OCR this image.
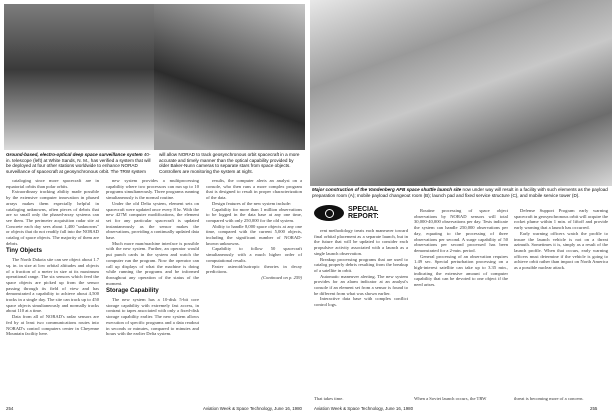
Ground-based, electro-optical deep space surveillance system 40-in. telescope (left) at White Sands, N. M., has verified a system that will be deployed at four other stations worldwide to enhance NORAD surveillance of spacecraft at geosynchronous orbit. The TRW system will allow NORAD to track geosynchronous orbit spacecraft in a more accurate and timely manner than the optical capability provided by older Baker-Nunn cameras to separate stars from space objects. Controllers are monitoring the system at night.

cataloging since more spacecraft are in equatorial orbits than polar orbits.

Extraordinary tracking ability made possible by the extensive computer innovation in phased arrays makes them especially helpful in cataloging unknowns, often pieces of debris that are so small only the phased-array systems can see them. The perimeter acquisition radar site at Concrete each day sees about 1,400 "unknowns" or objects that do not readily fall into the NORAD catalog of space objects. The majority of them are debris.

Tiny Objects

The North Dakota site can see object about 1.7 sq. in. in size at low orbital altitudes and objects of a fraction of a meter in size at its maximum operational range. The six sensors which feed the space objects are picked up from the sensor passing through its field of view and has demonstrated a capability to achieve about 4,500 tracks in a single day. The site can track up to 450 space objects simultaneously and normally tracks about 110 at a time.

Data from all of NORAD's radar sensors are fed by at least two communications routes into NORAD's control computers center in Cheyenne Mountain facility here.

new system provides a multiprocessing capability where two processors can run up to 10 programs simultaneously. Three programs running simultaneously is the normal routine.

Under the old Delta system, element sets on spacecraft were updated once every 8 hr. With the new 427M computer modifications, the element set for any particular spacecraft is updated instantaneously as the sensor makes the observations, providing a continually updated data base.

Much more man/machine interface is possible with the new system. Further, an operator would put punch cards in the system and watch the computer run the program. Now the operator can call up displays of what the machine is doing while running the programs and be informed throughout any operation of the status of the moment.

Storage Capability

The new system has a 10-disk 5-bit core storage capability with extremely fast access, in contrast to tapes associated with only a fixed-disk storage capability earlier. The new system allows execution of specific programs and a data readout in seconds or minutes, compared to minutes and hours with the earlier Delta system.

results, the computer alerts an analyst on a console, who then runs a more complex program that is designed to result in proper characterization of the data.

Design features of the new system include:

Capability for more than 1 million observations to be logged in the data base at any one time, compared with only 250,000 for the old system.

Ability to handle 8,000 space objects at any one time, compared with the current 5,000 objects, including the significant number of NORAD-known unknowns.

Capability to follow 50 spacecraft simultaneously with a much higher order of computational results.

Faster asteroid/isotropic theories in decay predictions.

(Continued on p. 259)

254	Aviation Week & Space Technology, June 16, 1980
Major construction of the Vandenberg AFB space shuttle launch site now under way will result in a facility with such elements as the payload preparation room (A); mobile payload changeout room (B); launch pad and fixed service structure (C), and mobile service tower (D).
SPECIAL REPORT:

rent methodology treats each maneuver toward final orbital placement as a separate launch, but in the future that will be updated to consider each propulsive activity associated with a launch as a single launch observation.

Breakup processing programs that are used to catalog properly debris resulting from the breakup of a satellite in orbit.

Automatic maneuver alerting. The new system provides for an alarm indicator at an analyst's console if an element set from a sensor is found to be different from what was shown earlier.

Interactive data base with complex conflict control logs.

Routine processing of space object observations by NORAD sensors will total 30,000-40,000 observations per day. Tests indicate the system can handle 250,000 observations per day, equating to the processing of three observations per second. A surge capability of 50 observations per second processed has been demonstrated for a 2-min. period.

General processing of an observation requires 1.49 sec. Special perturbation processing on a high-interest satellite can take up to 3.35 min., indicating the extensive amount of computer capability that can be devoted to one object if the need arises.

Defense Support Program early warning spacecraft in geosynchronous orbit will acquire the rocket plume within 1 min. of liftoff and provide early warning that a launch has occurred.

Early warning officers watch the profile to insure the launch vehicle is not on a threat azimuth. Sometimes it is, simply as a result of the launch profile. When that occurs, early warning officers must determine if the vehicle is going to achieve orbit rather than impact on North America as a possible nuclear attack.

That takes time.	When a Soviet launch occurs, the TRW	threat is becoming more of a concern.
Aviation Week & Space Technology, June 16, 1980	255
